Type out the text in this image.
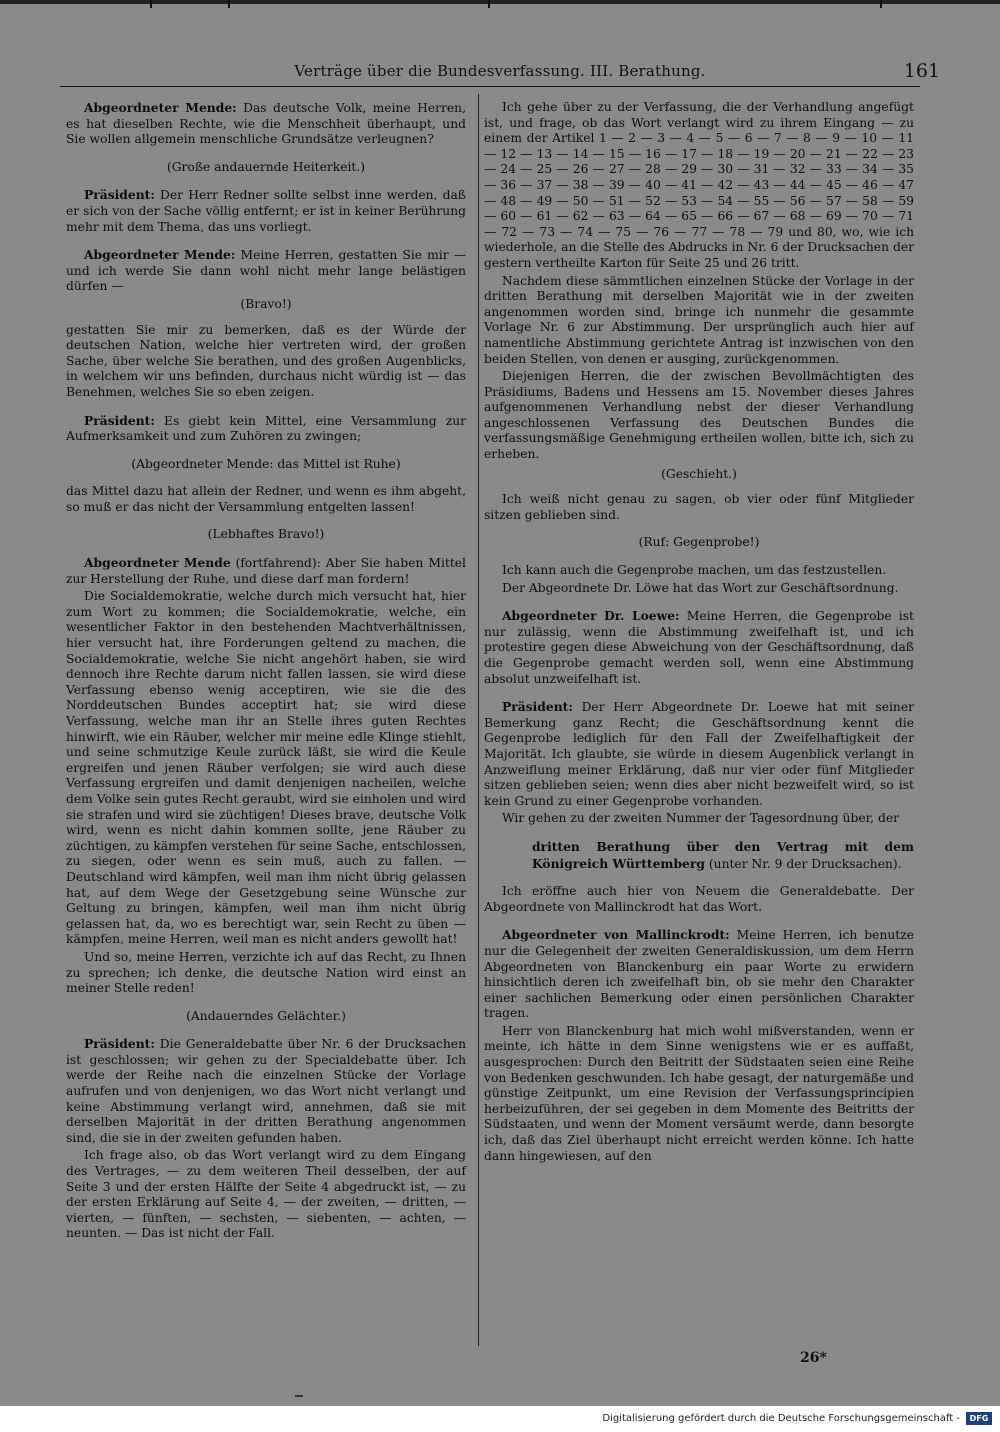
Verträge über die Bundesverfassung. III. Berathung.	161

Abgeordneter Mende: Das deutsche Volk, meine Herren, es hat dieselben Rechte, wie die Menschheit überhaupt, und Sie wollen allgemein menschliche Grundsätze verleugnen?

(Große andauernde Heiterkeit.)

Präsident: Der Herr Redner sollte selbst inne werden, daß er sich von der Sache völlig entfernt; er ist in keiner Berührung mehr mit dem Thema, das uns vorliegt.

Abgeordneter Mende: Meine Herren, gestatten Sie mir — und ich werde Sie dann wohl nicht mehr lange belästigen dürfen —

(Bravo!)

gestatten Sie mir zu bemerken, daß es der Würde der deutschen Nation, welche hier vertreten wird, der großen Sache, über welche Sie berathen, und des großen Augenblicks, in welchem wir uns befinden, durchaus nicht würdig ist — das Benehmen, welches Sie so eben zeigen.

Präsident: Es giebt kein Mittel, eine Versammlung zur Aufmerksamkeit und zum Zuhören zu zwingen;

(Abgeordneter Mende: das Mittel ist Ruhe)

das Mittel dazu hat allein der Redner, und wenn es ihm abgeht, so muß er das nicht der Versammlung entgelten lassen!

(Lebhaftes Bravo!)

Abgeordneter Mende (fortfahrend): Aber Sie haben Mittel zur Herstellung der Ruhe, und diese darf man fordern!

Die Socialdemokratie, welche durch mich versucht hat, hier zum Wort zu kommen; die Socialdemokratie, welche, ein wesentlicher Faktor in den bestehenden Machtverhältnissen, hier versucht hat, ihre Forderungen geltend zu machen, die Socialdemokratie, welche Sie nicht angehört haben, sie wird dennoch ihre Rechte darum nicht fallen lassen, sie wird diese Verfassung ebenso wenig acceptiren, wie sie die des Norddeutschen Bundes acceptirt hat; sie wird diese Verfassung, welche man ihr an Stelle ihres guten Rechtes hinwirft, wie ein Räuber, welcher mir meine edle Klinge stiehlt, und seine schmutzige Keule zurück läßt, sie wird die Keule ergreifen und jenen Räuber verfolgen; sie wird auch diese Verfassung ergreifen und damit denjenigen nacheilen, welche dem Volke sein gutes Recht geraubt, wird sie einholen und wird sie strafen und wird sie züchtigen! Dieses brave, deutsche Volk wird, wenn es nicht dahin kommen sollte, jene Räuber zu züchtigen, zu kämpfen verstehen für seine Sache, entschlossen, zu siegen, oder wenn es sein muß, auch zu fallen. — Deutschland wird kämpfen, weil man ihm nicht übrig gelassen hat, auf dem Wege der Gesetzgebung seine Wünsche zur Geltung zu bringen, kämpfen, weil man ihm nicht übrig gelassen hat, da, wo es berechtigt war, sein Recht zu üben — kämpfen, meine Herren, weil man es nicht anders gewollt hat!

Und so, meine Herren, verzichte ich auf das Recht, zu Ihnen zu sprechen; ich denke, die deutsche Nation wird einst an meiner Stelle reden!

(Andauerndes Gelächter.)

Präsident: Die Generaldebatte über Nr. 6 der Drucksachen ist geschlossen; wir gehen zu der Specialdebatte über. Ich werde der Reihe nach die einzelnen Stücke der Vorlage aufrufen und von denjenigen, wo das Wort nicht verlangt und keine Abstimmung verlangt wird, annehmen, daß sie mit derselben Majorität in der dritten Berathung angenommen sind, die sie in der zweiten gefunden haben.

Ich frage also, ob das Wort verlangt wird zu dem Eingang des Vertrages, — zu dem weiteren Theil desselben, der auf Seite 3 und der ersten Hälfte der Seite 4 abgedruckt ist, — zu der ersten Erklärung auf Seite 4, — der zweiten, — dritten, — vierten, — fünften, — sechsten, — siebenten, — achten, — neunten. — Das ist nicht der Fall.

Ich gehe über zu der Verfassung, die der Verhandlung angefügt ist, und frage, ob das Wort verlangt wird zu ihrem Eingang — zu einem der Artikel 1 — 2 — 3 — 4 — 5 — 6 — 7 — 8 — 9 — 10 — 11 — 12 — 13 — 14 — 15 — 16 — 17 — 18 — 19 — 20 — 21 — 22 — 23 — 24 — 25 — 26 — 27 — 28 — 29 — 30 — 31 — 32 — 33 — 34 — 35 — 36 — 37 — 38 — 39 — 40 — 41 — 42 — 43 — 44 — 45 — 46 — 47 — 48 — 49 — 50 — 51 — 52 — 53 — 54 — 55 — 56 — 57 — 58 — 59 — 60 — 61 — 62 — 63 — 64 — 65 — 66 — 67 — 68 — 69 — 70 — 71 — 72 — 73 — 74 — 75 — 76 — 77 — 78 — 79 und 80, wo, wie ich wiederhole, an die Stelle des Abdrucks in Nr. 6 der Drucksachen der gestern vertheilte Karton für Seite 25 und 26 tritt.

Nachdem diese sämmtlichen einzelnen Stücke der Vorlage in der dritten Berathung mit derselben Majorität wie in der zweiten angenommen worden sind, bringe ich nunmehr die gesammte Vorlage Nr. 6 zur Abstimmung. Der ursprünglich auch hier auf namentliche Abstimmung gerichtete Antrag ist inzwischen von den beiden Stellen, von denen er ausging, zurückgenommen.

Diejenigen Herren, die der zwischen Bevollmächtigten des Präsidiums, Badens und Hessens am 15. November dieses Jahres aufgenommenen Verhandlung nebst der dieser Verhandlung angeschlossenen Verfassung des Deutschen Bundes die verfassungsmäßige Genehmigung ertheilen wollen, bitte ich, sich zu erheben.

(Geschieht.)

Ich weiß nicht genau zu sagen, ob vier oder fünf Mitglieder sitzen geblieben sind.

(Ruf: Gegenprobe!)

Ich kann auch die Gegenprobe machen, um das festzustellen.

Der Abgeordnete Dr. Löwe hat das Wort zur Geschäftsordnung.

Abgeordneter Dr. Loewe: Meine Herren, die Gegenprobe ist nur zulässig, wenn die Abstimmung zweifelhaft ist, und ich protestire gegen diese Abweichung von der Geschäftsordnung, daß die Gegenprobe gemacht werden soll, wenn eine Abstimmung absolut unzweifelhaft ist.

Präsident: Der Herr Abgeordnete Dr. Loewe hat mit seiner Bemerkung ganz Recht; die Geschäftsordnung kennt die Gegenprobe lediglich für den Fall der Zweifelhaftigkeit der Majorität. Ich glaubte, sie würde in diesem Augenblick verlangt in Anzweiflung meiner Erklärung, daß nur vier oder fünf Mitglieder sitzen geblieben seien; wenn dies aber nicht bezweifelt wird, so ist kein Grund zu einer Gegenprobe vorhanden.

Wir gehen zu der zweiten Nummer der Tagesordnung über, der

dritten Berathung über den Vertrag mit dem Königreich Württemberg (unter Nr. 9 der Drucksachen).

Ich eröffne auch hier von Neuem die Generaldebatte. Der Abgeordnete von Mallinckrodt hat das Wort.

Abgeordneter von Mallinckrodt: Meine Herren, ich benutze nur die Gelegenheit der zweiten Generaldiskussion, um dem Herrn Abgeordneten von Blanckenburg ein paar Worte zu erwidern hinsichtlich deren ich zweifelhaft bin, ob sie mehr den Charakter einer sachlichen Bemerkung oder einen persönlichen Charakter tragen.

Herr von Blanckenburg hat mich wohl mißverstanden, wenn er meinte, ich hätte in dem Sinne wenigstens wie er es auffaßt, ausgesprochen: Durch den Beitritt der Südstaaten seien eine Reihe von Bedenken geschwunden. Ich habe gesagt, der naturgemäße und günstige Zeitpunkt, um eine Revision der Verfassungsprincipien herbeizuführen, der sei gegeben in dem Momente des Beitritts der Südstaaten, und wenn der Moment versäumt werde, dann besorgte ich, daß das Ziel überhaupt nicht erreicht werden könne. Ich hatte dann hingewiesen, auf den

26*
Digitalisierung gefördert durch die Deutsche Forschungsgemeinschaft -	DFG
